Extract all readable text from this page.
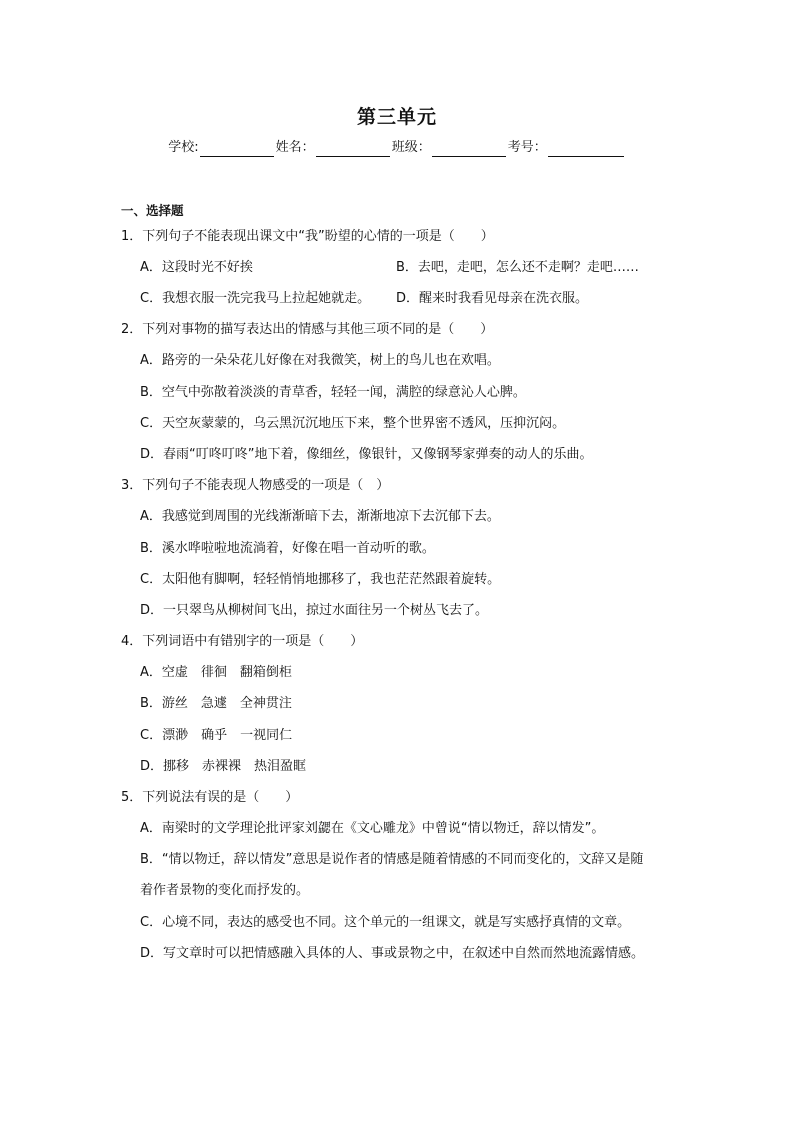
第三单元
学校:	姓名：	班级：	考号：
一、选择题
1．下列句子不能表现出课文中“我”盼望的心情的一项是（　　）
A．这段时光不好挨	B．去吧，走吧，怎么还不走啊？走吧……
C．我想衣服一洗完我马上拉起她就走。 D．醒来时我看见母亲在洗衣服。
2．下列对事物的描写表达出的情感与其他三项不同的是（　　）
A．路旁的一朵朵花儿好像在对我微笑，树上的鸟儿也在欢唱。
B．空气中弥散着淡淡的青草香，轻轻一闻，满腔的绿意沁人心脾。
C．天空灰蒙蒙的，乌云黑沉沉地压下来，整个世界密不透风，压抑沉闷。
D．春雨“叮咚叮咚”地下着，像细丝，像银针，又像钢琴家弹奏的动人的乐曲。
3．下列句子不能表现人物感受的一项是（　）
A．我感觉到周围的光线渐渐暗下去，渐渐地凉下去沉郁下去。
B．溪水哗啦啦地流淌着，好像在唱一首动听的歌。
C．太阳他有脚啊，轻轻悄悄地挪移了，我也茫茫然跟着旋转。
D．一只翠鸟从柳树间飞出，掠过水面往另一个树丛飞去了。
4．下列词语中有错别字的一项是（　　）
A．空虚　徘徊　翻箱倒柜
B．游丝　急遽　全神贯注
C．漂渺　确乎　一视同仁
D．挪移　赤裸裸　热泪盈眶
5．下列说法有误的是（　　）
A．南梁时的文学理论批评家刘勰在《文心雕龙》中曾说“情以物迁，辞以情发”。
B．“情以物迁，辞以情发”意思是说作者的情感是随着情感的不同而变化的，文辞又是随
着作者景物的变化而抒发的。
C．心境不同，表达的感受也不同。这个单元的一组课文，就是写实感抒真情的文章。
D．写文章时可以把情感融入具体的人、事或景物之中，在叙述中自然而然地流露情感。
